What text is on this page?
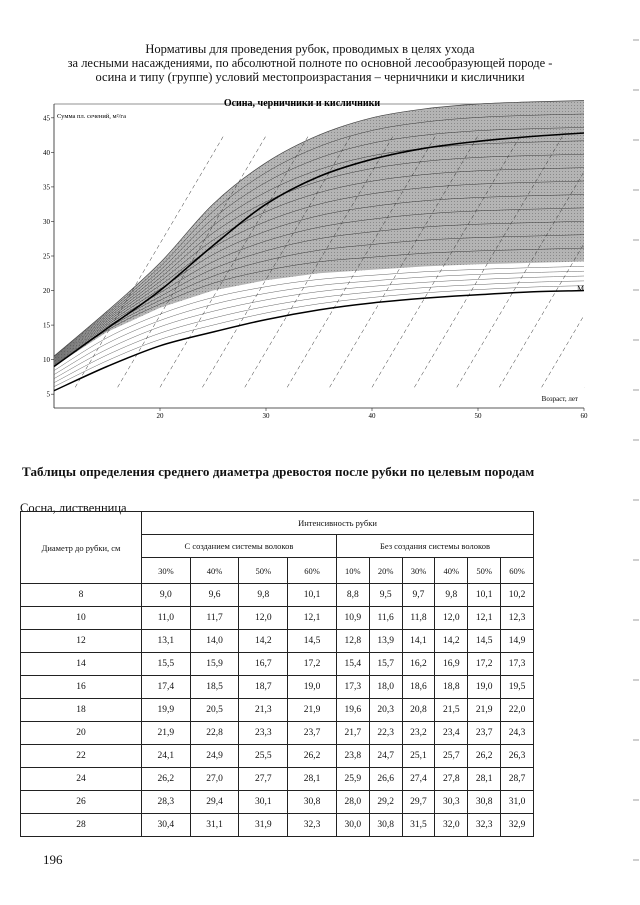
Нормативы для проведения рубок, проводимых в целях ухода
за лесными насаждениями, по абсолютной полноте по основной лесообразующей породе -
осина и типу (группе) условий местопроизрастания – черничники и кисличники
5
10
15
20
25
30
35
40
45
20	30	40	50	60
Осина, черничники и кисличники
Сумма пл. сечений, м²/га
Возраст, лет
М
Таблицы определения среднего диаметра древостоя после рубки по целевым породам
Сосна, лиственница
Диаметр до рубки, см	Интенсивность рубки									
	С созданием системы волоков				Без создания системы волоков					
	30%	40%	50%	60%	10%	20%	30%	40%	50%	60%
8	9,0	9,6	9,8	10,1	8,8	9,5	9,7	9,8	10,1	10,2
10	11,0	11,7	12,0	12,1	10,9	11,6	11,8	12,0	12,1	12,3
12	13,1	14,0	14,2	14,5	12,8	13,9	14,1	14,2	14,5	14,9
14	15,5	15,9	16,7	17,2	15,4	15,7	16,2	16,9	17,2	17,3
16	17,4	18,5	18,7	19,0	17,3	18,0	18,6	18,8	19,0	19,5
18	19,9	20,5	21,3	21,9	19,6	20,3	20,8	21,5	21,9	22,0
20	21,9	22,8	23,3	23,7	21,7	22,3	23,2	23,4	23,7	24,3
22	24,1	24,9	25,5	26,2	23,8	24,7	25,1	25,7	26,2	26,3
24	26,2	27,0	27,7	28,1	25,9	26,6	27,4	27,8	28,1	28,7
26	28,3	29,4	30,1	30,8	28,0	29,2	29,7	30,3	30,8	31,0
28	30,4	31,1	31,9	32,3	30,0	30,8	31,5	32,0	32,3	32,9
196
